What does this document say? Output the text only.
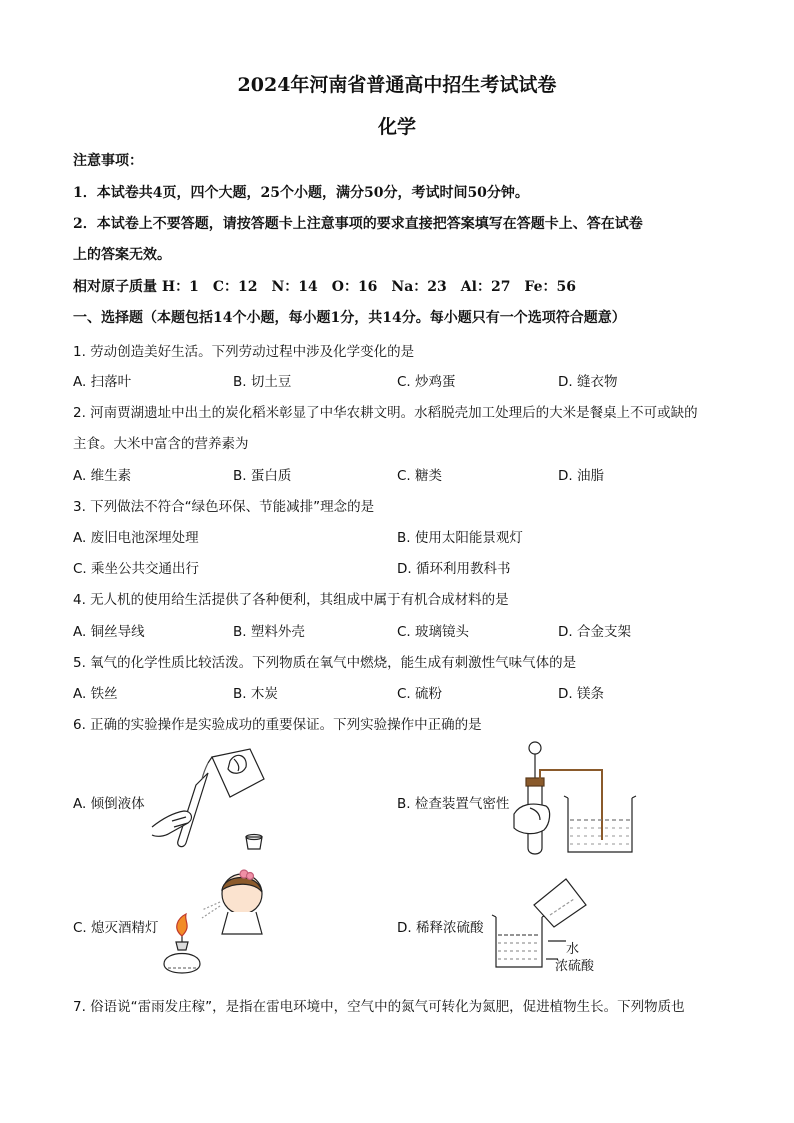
2024年河南省普通高中招生考试试卷
化学
注意事项：
1．本试卷共4页，四个大题，25个小题，满分50分，考试时间50分钟。
2．本试卷上不要答题，请按答题卡上注意事项的要求直接把答案填写在答题卡上、答在试卷
上的答案无效。
相对原子质量 H：1　C：12　N：14　O：16　Na：23　Al：27　Fe：56
一、选择题（本题包括14个小题，每小题1分，共14分。每小题只有一个选项符合题意）
1. 劳动创造美好生活。下列劳动过程中涉及化学变化的是
A. 扫落叶	B. 切土豆	C. 炒鸡蛋	D. 缝衣物
2. 河南贾湖遗址中出土的炭化稻米彰显了中华农耕文明。水稻脱壳加工处理后的大米是餐桌上不可或缺的
主食。大米中富含的营养素为
A. 维生素	B. 蛋白质	C. 糖类	D. 油脂
3. 下列做法不符合“绿色环保、节能减排”理念的是
A. 废旧电池深埋处理	B. 使用太阳能景观灯
C. 乘坐公共交通出行	D. 循环利用教科书
4. 无人机的使用给生活提供了各种便利，其组成中属于有机合成材料的是
A. 铜丝导线	B. 塑料外壳	C. 玻璃镜头	D. 合金支架
5. 氧气的化学性质比较活泼。下列物质在氧气中燃烧，能生成有刺激性气味气体的是
A. 铁丝	B. 木炭	C. 硫粉	D. 镁条
6. 正确的实验操作是实验成功的重要保证。下列实验操作中正确的是
A. 倾倒液体	B. 检查装置气密性
C. 熄灭酒精灯	D. 稀释浓硫酸
水
浓硫酸
7. 俗语说“雷雨发庄稼”，是指在雷电环境中，空气中的氮气可转化为氮肥，促进植物生长。下列物质也
